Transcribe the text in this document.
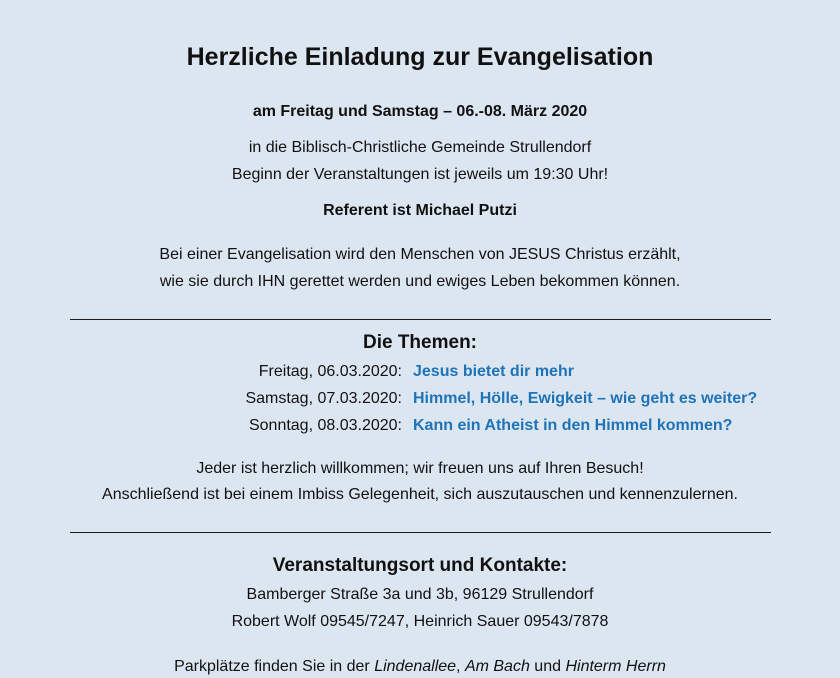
Herzliche Einladung zur Evangelisation
am Freitag und Samstag – 06.-08. März 2020
in die Biblisch-Christliche Gemeinde Strullendorf
Beginn der Veranstaltungen ist jeweils um 19:30 Uhr!
Referent ist Michael Putzi
Bei einer Evangelisation wird den Menschen von JESUS Christus erzählt,
wie sie durch IHN gerettet werden und ewiges Leben bekommen können.
Die Themen:
Freitag, 06.03.2020: Jesus bietet dir mehr
Samstag, 07.03.2020: Himmel, Hölle, Ewigkeit – wie geht es weiter?
Sonntag, 08.03.2020: Kann ein Atheist in den Himmel kommen?
Jeder ist herzlich willkommen; wir freuen uns auf Ihren Besuch!
Anschließend ist bei einem Imbiss Gelegenheit, sich auszutauschen und kennenzulernen.
Veranstaltungsort und Kontakte:
Bamberger Straße 3a und 3b, 96129 Strullendorf
Robert Wolf 09545/7247, Heinrich Sauer 09543/7878
Parkplätze finden Sie in der Lindenallee, Am Bach und Hinterm Herrn
